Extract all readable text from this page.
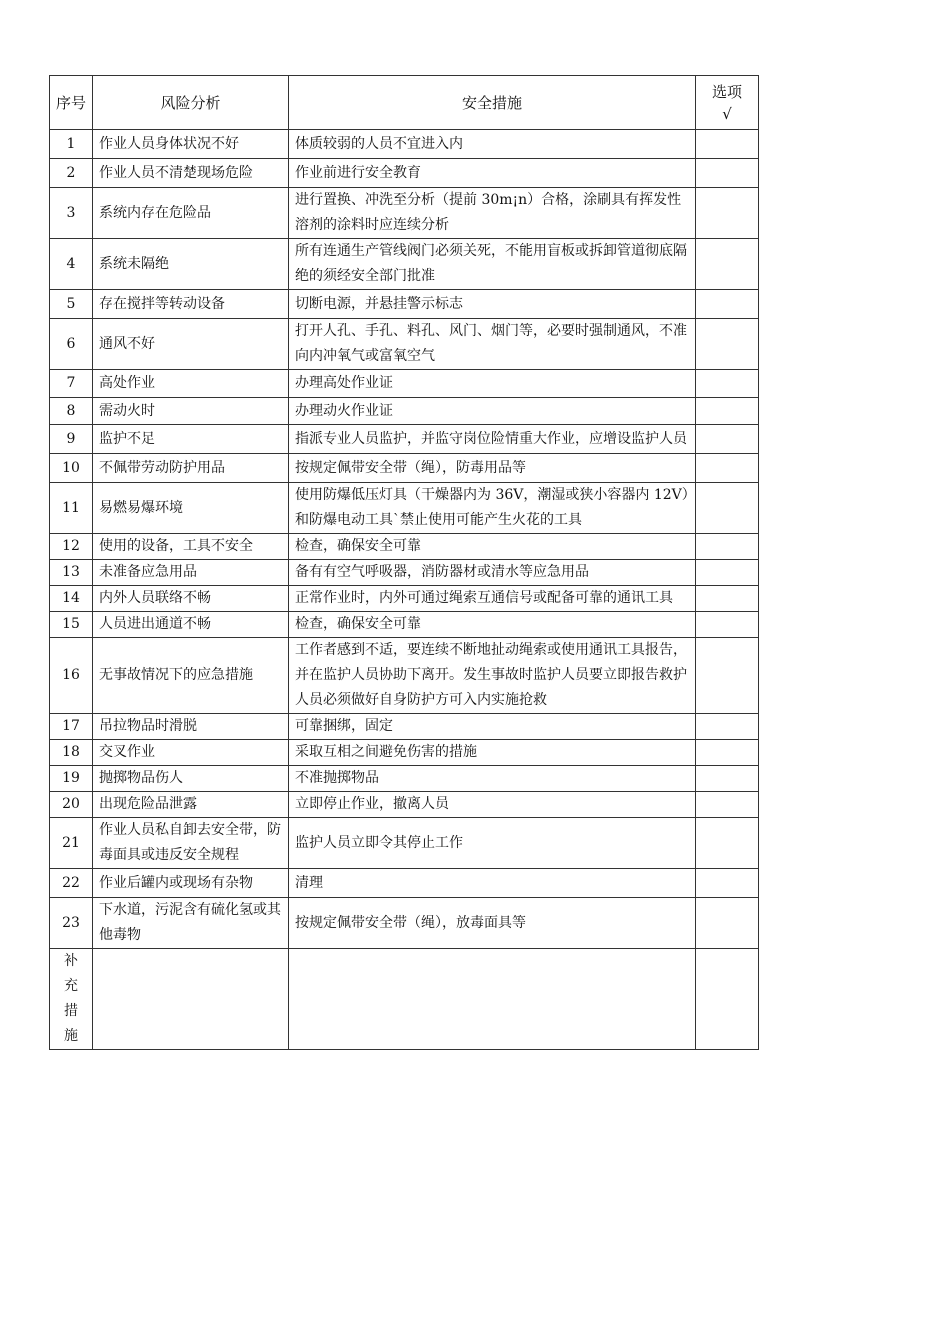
序号	风险分析	安全措施	选项
√
1	作业人员身体状况不好	体质较弱的人员不宜进入内	
2	作业人员不清楚现场危险	作业前进行安全教育	
3	系统内存在危险品	进行置换、冲洗至分析（提前 30m¡n）合格，涂刷具有挥发性溶剂的涂料时应连续分析	
4	系统未隔绝	所有连通生产管线阀门必须关死，不能用盲板或拆卸管道彻底隔绝的须经安全部门批准	
5	存在搅拌等转动设备	切断电源，并悬挂警示标志	
6	通风不好	打开人孔、手孔、料孔、风门、烟门等，必要时强制通风，不准向内冲氧气或富氧空气	
7	高处作业	办理高处作业证	
8	需动火时	办理动火作业证	
9	监护不足	指派专业人员监护，并监守岗位险情重大作业，应增设监护人员	
10	不佩带劳动防护用品	按规定佩带安全带（绳），防毒用品等	
11	易燃易爆环境	使用防爆低压灯具（干燥器内为 36V，潮湿或狭小容器内 12V）和防爆电动工具`禁止使用可能产生火花的工具	
12	使用的设备，工具不安全	检查，确保安全可靠	
13	未准备应急用品	备有有空气呼吸器，消防器材或清水等应急用品	
14	内外人员联络不畅	正常作业时，内外可通过绳索互通信号或配备可靠的通讯工具	
15	人员进出通道不畅	检查，确保安全可靠	
16	无事故情况下的应急措施	工作者感到不适，要连续不断地扯动绳索或使用通讯工具报告，并在监护人员协助下离开。发生事故时监护人员要立即报告救护人员必须做好自身防护方可入内实施抢救	
17	吊拉物品时滑脱	可靠捆绑，固定	
18	交叉作业	采取互相之间避免伤害的措施	
19	抛掷物品伤人	不准抛掷物品	
20	出现危险品泄露	立即停止作业，撤离人员	
21	作业人员私自卸去安全带，防毒面具或违反安全规程	监护人员立即令其停止工作	
22	作业后罐内或现场有杂物	清理	
23	下水道，污泥含有硫化氢或其他毒物	按规定佩带安全带（绳），放毒面具等	

补
充
措
施			
